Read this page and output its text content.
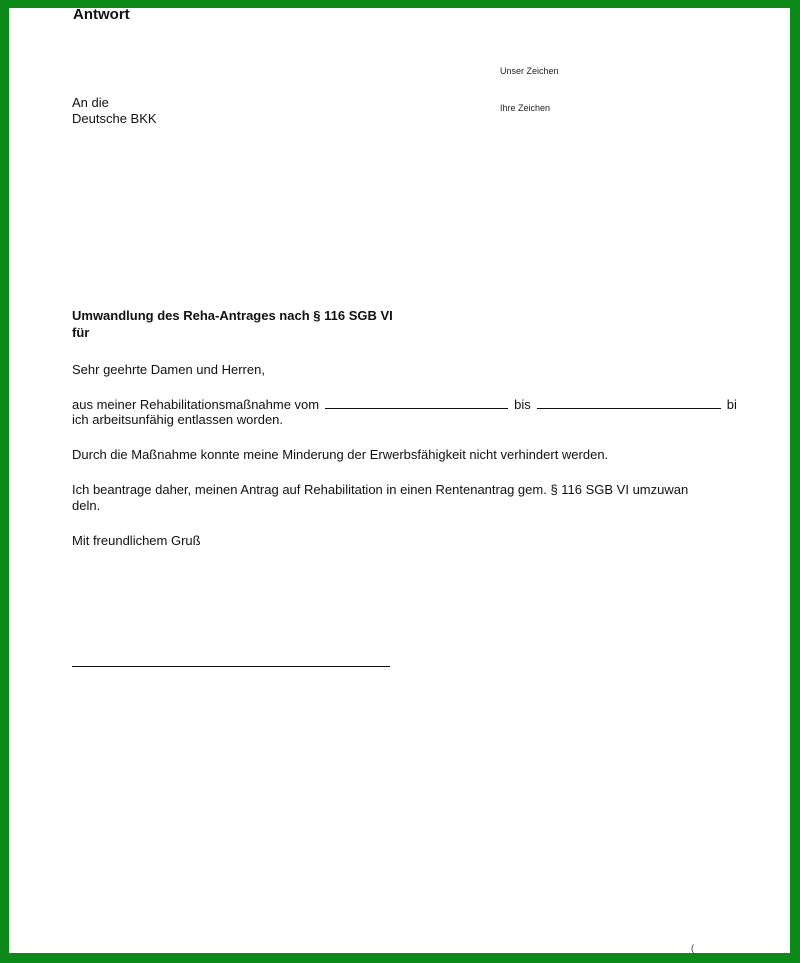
Antwort
Unser Zeichen
Ihre Zeichen
An die
Deutsche BKK
Umwandlung des Reha-Antrages nach § 116 SGB VI
für
Sehr geehrte Damen und Herren,
aus meiner Rehabilitationsmaßnahme vom	bis	bi
ich arbeitsunfähig entlassen worden.
Durch die Maßnahme konnte meine Minderung der Erwerbsfähigkeit nicht verhindert werden.
Ich beantrage daher, meinen Antrag auf Rehabilitation in einen Rentenantrag gem. § 116 SGB VI umzuwan
deln.
Mit freundlichem Gruß
(
